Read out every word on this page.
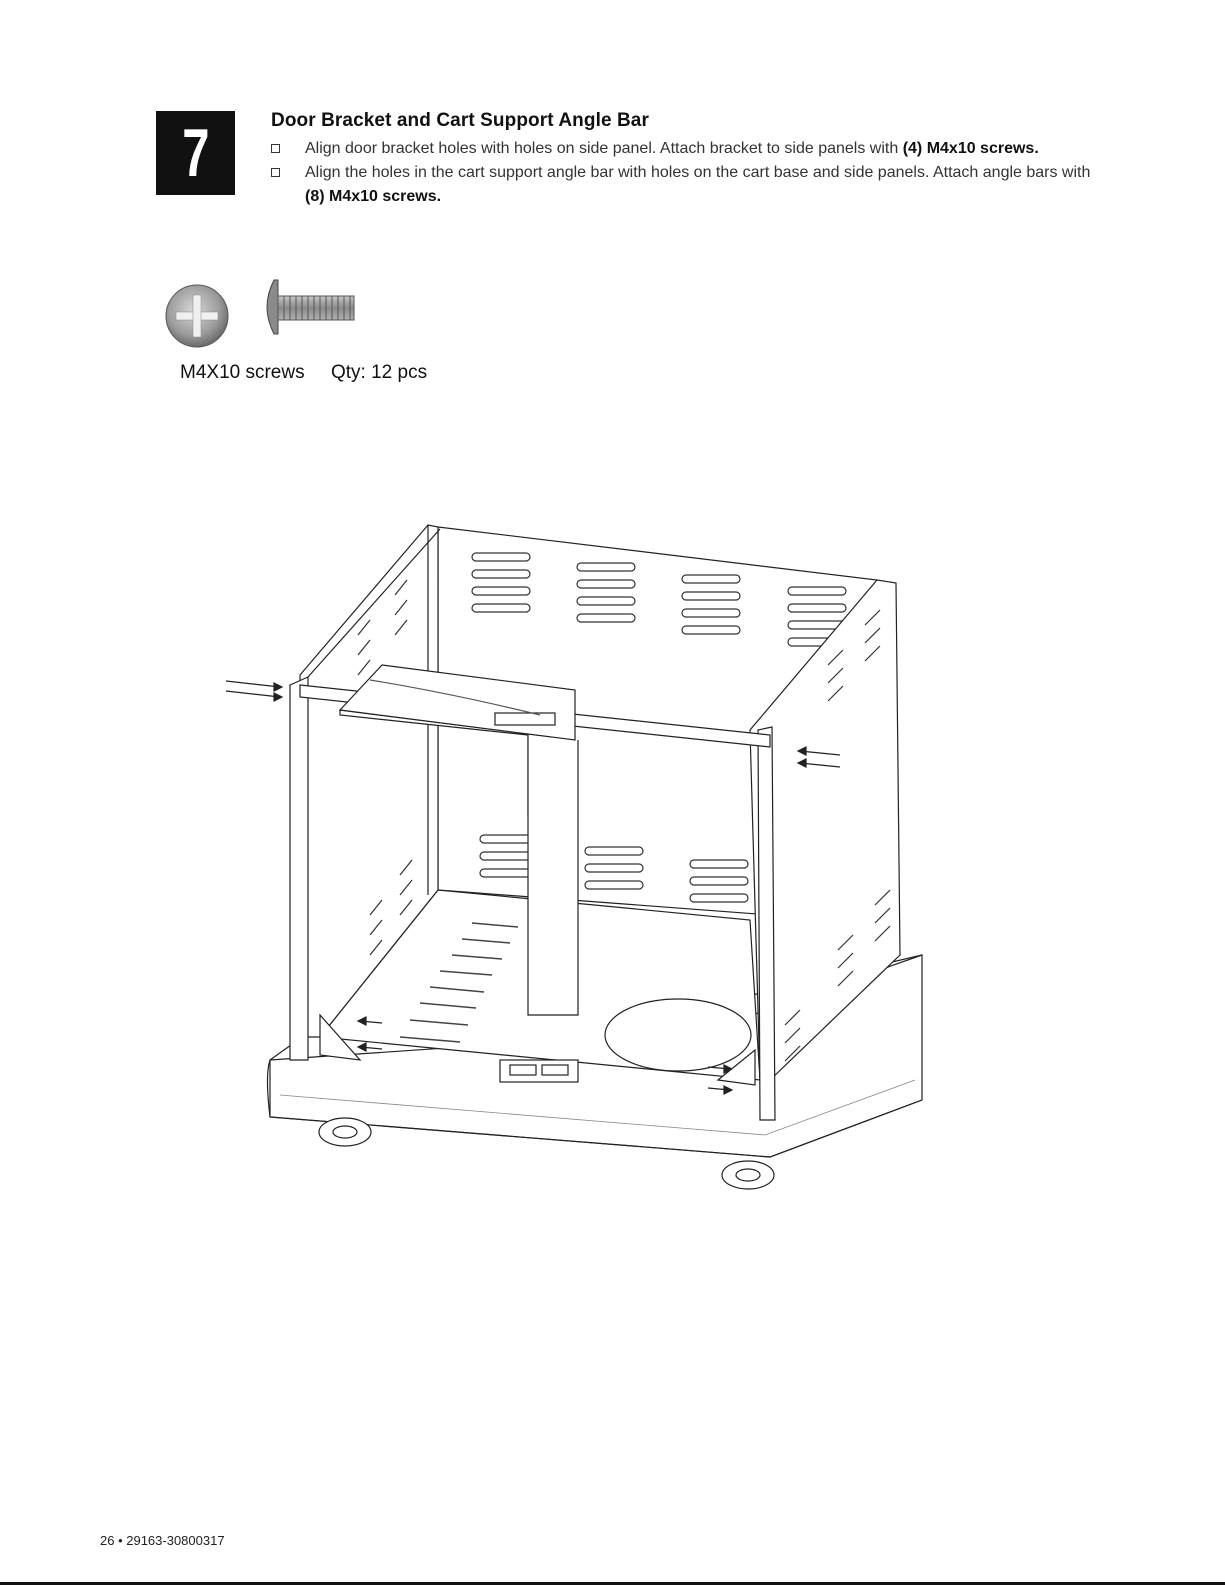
7	Door Bracket and Cart Support Angle Bar
Align door bracket holes with holes on side panel. Attach bracket to side panels with (4) M4x10 screws.
Align the holes in the cart support angle bar with holes on the cart base and side panels. Attach angle bars with (8) M4x10 screws.
M4X10 screws Qty: 12 pcs
26 • 29163-30800317
